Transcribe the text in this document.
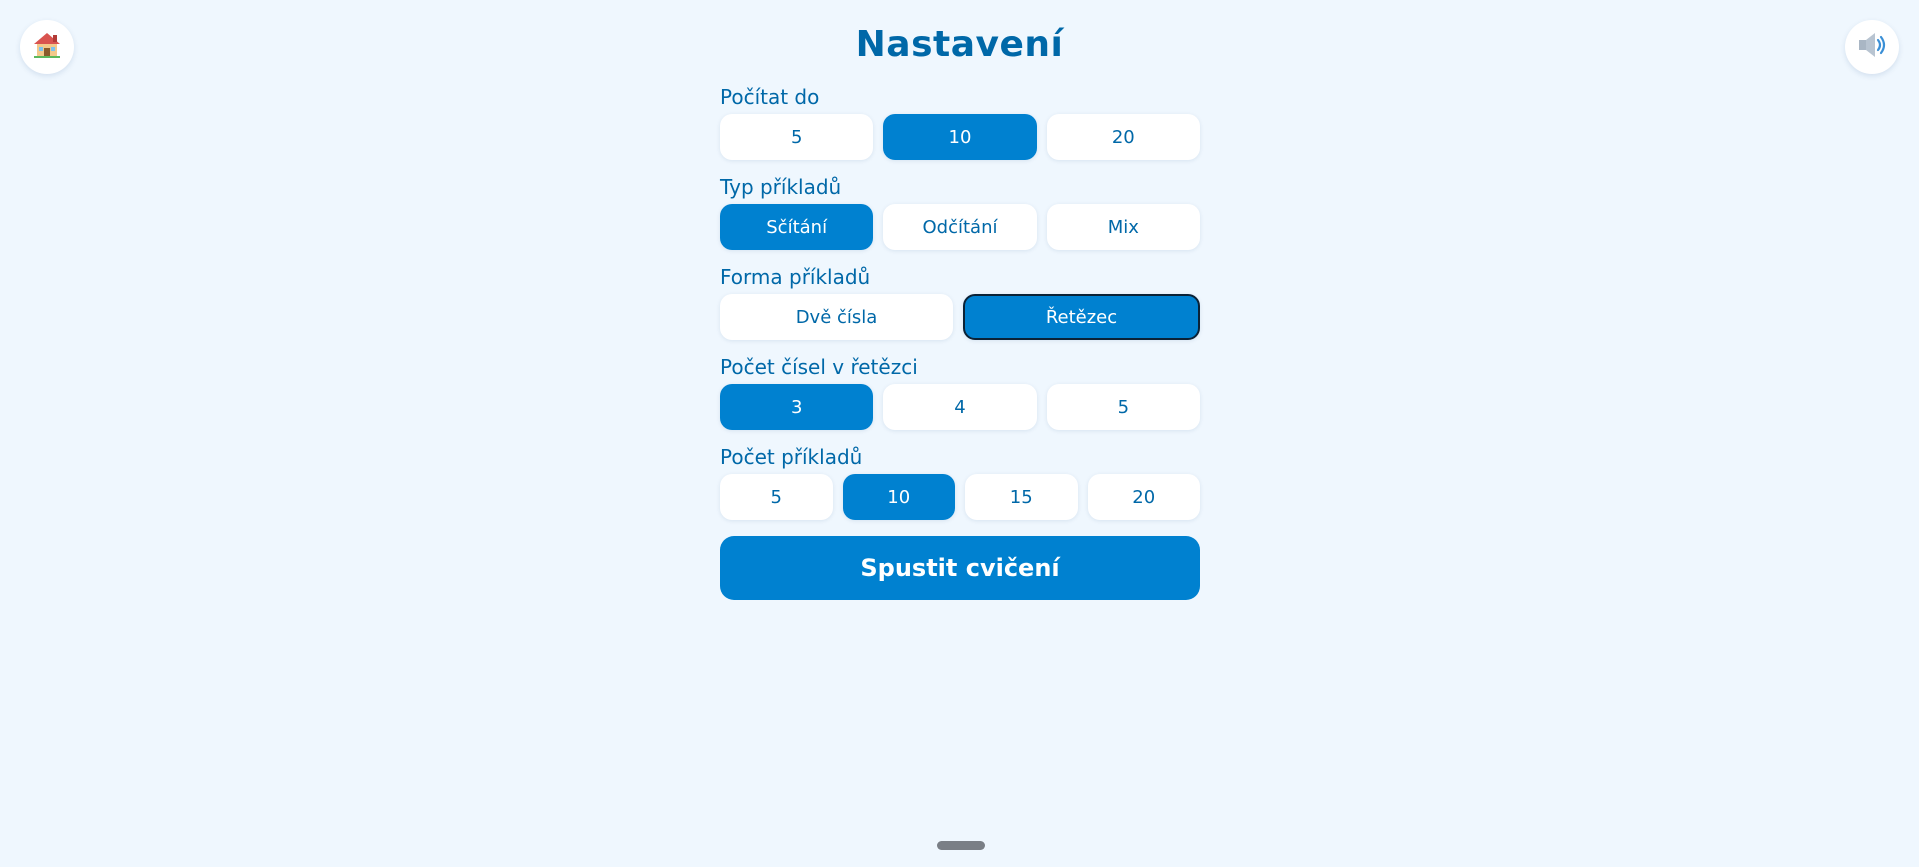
Nastavení
Počítat do
5	10	20
Typ příkladů
Sčítání	Odčítání	Mix
Forma příkladů
Dvě čísla	Řetězec
Počet čísel v řetězci
3	4	5
Počet příkladů
5	10	15	20
Spustit cvičení
